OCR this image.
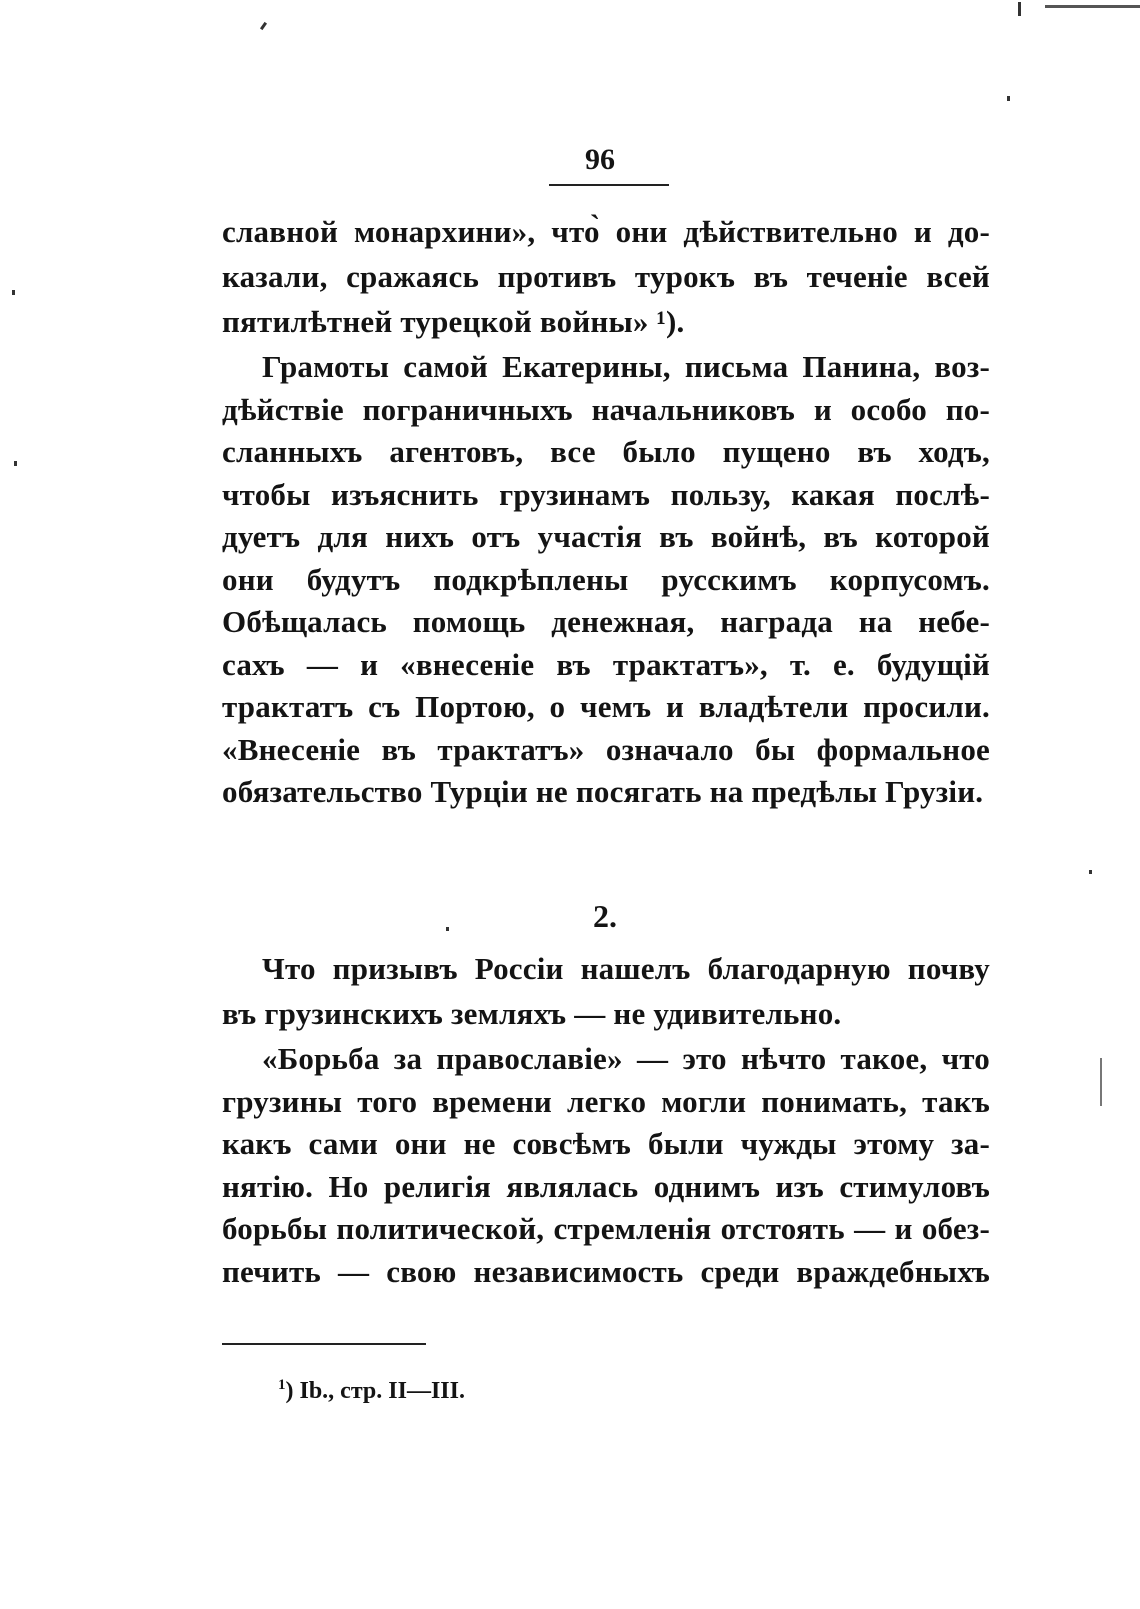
96
славной монархини», что̀ они дѣйствительно и до-
казали, сражаясь противъ турокъ въ теченіе всей
пятилѣтней турецкой войны» ¹).
Грамоты самой Екатерины, письма Панина, воз-
дѣйствіе пограничныхъ начальниковъ и особо по-
сланныхъ агентовъ, все было пущено въ ходъ,
чтобы изъяснить грузинамъ пользу, какая послѣ-
дуетъ для нихъ отъ участія въ войнѣ, въ которой
они будутъ подкрѣплены русскимъ корпусомъ.
Обѣщалась помощь денежная, награда на небе-
сахъ — и «внесеніе въ трактатъ», т. е. будущій
трактатъ съ Портою, о чемъ и владѣтели просили.
«Внесеніе въ трактатъ» означало бы формальное
обязательство Турціи не посягать на предѣлы Грузіи.
2.
Что призывъ Россіи нашелъ благодарную почву
въ грузинскихъ земляхъ — не удивительно.
«Борьба за православіе» — это нѣчто такое, что
грузины того времени легко могли понимать, такъ
какъ сами они не совсѣмъ были чужды этому за-
нятію. Но религія являлась однимъ изъ стимуловъ
борьбы политической, стремленія отстоять — и обез-
печить — свою независимость среди враждебныхъ
$^1$) Ib., стр. II—III.
